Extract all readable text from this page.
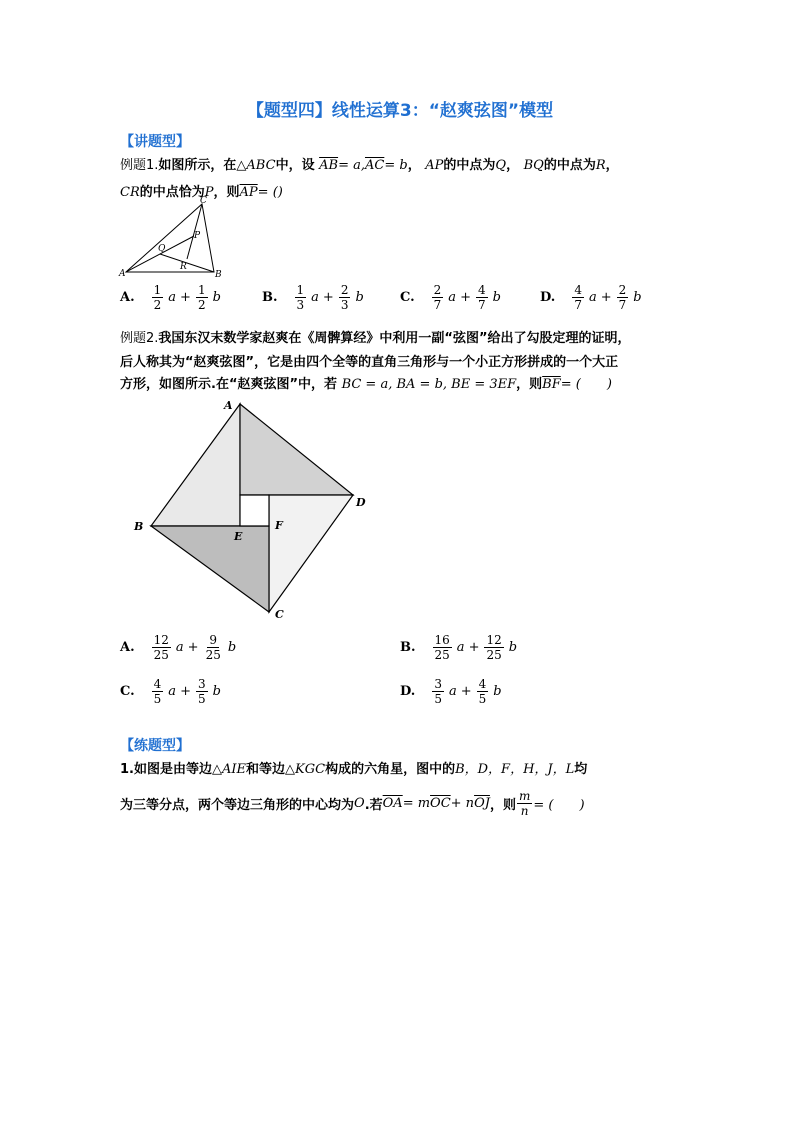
【题型四】线性运算3：“赵爽弦图”模型
【讲题型】
例题1.如图所示，在△ABC中，设 $\overline{AB}= a,\overline{AC}= b$， AP的中点为Q， BQ的中点为R，
CR的中点恰为P，则$\overline{AP}=$ ()
A	B
C
P
Q
R
A. $\frac{1}{2}$ $a + \frac{1}{2}$ b	B. $\frac{1}{3}$ $a + \frac{2}{3}$ b	C. $\frac{2}{7}$ $a + \frac{4}{7}$ b	D. $\frac{4}{7}$ $a + \frac{2}{7}$ b
例题2.我国东汉末数学家赵爽在《周髀算经》中利用一副“弦图”给出了勾股定理的证明，
后人称其为“赵爽弦图”，它是由四个全等的直角三角形与一个小正方形拼成的一个大正
方形，如图所示.在“赵爽弦图”中，若 BC = a, BA = b, BE = 3EF，则$\overline{BF}=$ (　　)
A
D
B	F
E
C
A. $\frac{12}{25}$ $a + \frac{9}{25}$ b	B. $\frac{16}{25}$ $a + \frac{12}{25}$ b
C. $\frac{4}{5}$ $a + \frac{3}{5}$ b	D. $\frac{3}{5}$ $a + \frac{4}{5}$ b
【练题型】
1.如图是由等边△AIE和等边△KGC构成的六角星，图中的B，D，F，H，J，L均
为三等分点，两个等边三角形的中心均为 O .若 $\overline{OA} = m$ $\overline{OC} + n$ $\overline{OJ}$ ，则 $\frac{m}{n}$ = (　　)
